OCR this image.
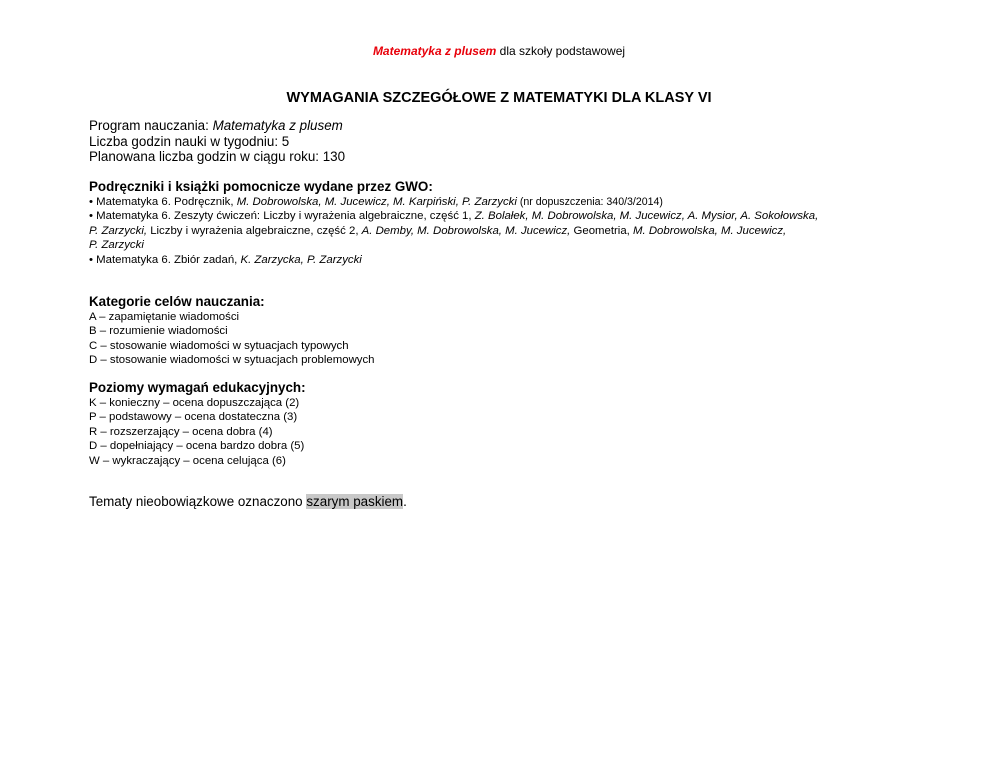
Matematyka z plusem dla szkoły podstawowej
WYMAGANIA SZCZEGÓŁOWE Z MATEMATYKI DLA KLASY VI
Program nauczania: Matematyka z plusem
Liczba godzin nauki w tygodniu: 5
Planowana liczba godzin w ciągu roku: 130
Podręczniki i książki pomocnicze wydane przez GWO:
• Matematyka 6. Podręcznik, M. Dobrowolska, M. Jucewicz, M. Karpiński, P. Zarzycki (nr dopuszczenia: 340/3/2014)
• Matematyka 6. Zeszyty ćwiczeń: Liczby i wyrażenia algebraiczne, część 1, Z. Bolałek, M. Dobrowolska, M. Jucewicz, A. Mysior, A. Sokołowska,
P. Zarzycki, Liczby i wyrażenia algebraiczne, część 2, A. Demby, M. Dobrowolska, M. Jucewicz, Geometria, M. Dobrowolska, M. Jucewicz,
P. Zarzycki
• Matematyka 6. Zbiór zadań, K. Zarzycka, P. Zarzycki
Kategorie celów nauczania:
A – zapamiętanie wiadomości
B – rozumienie wiadomości
C – stosowanie wiadomości w sytuacjach typowych
D – stosowanie wiadomości w sytuacjach problemowych
Poziomy wymagań edukacyjnych:
K – konieczny – ocena dopuszczająca (2)
P – podstawowy – ocena dostateczna (3)
R – rozszerzający – ocena dobra (4)
D – dopełniający – ocena bardzo dobra (5)
W – wykraczający – ocena celująca (6)
Tematy nieobowiązkowe oznaczono szarym paskiem.
